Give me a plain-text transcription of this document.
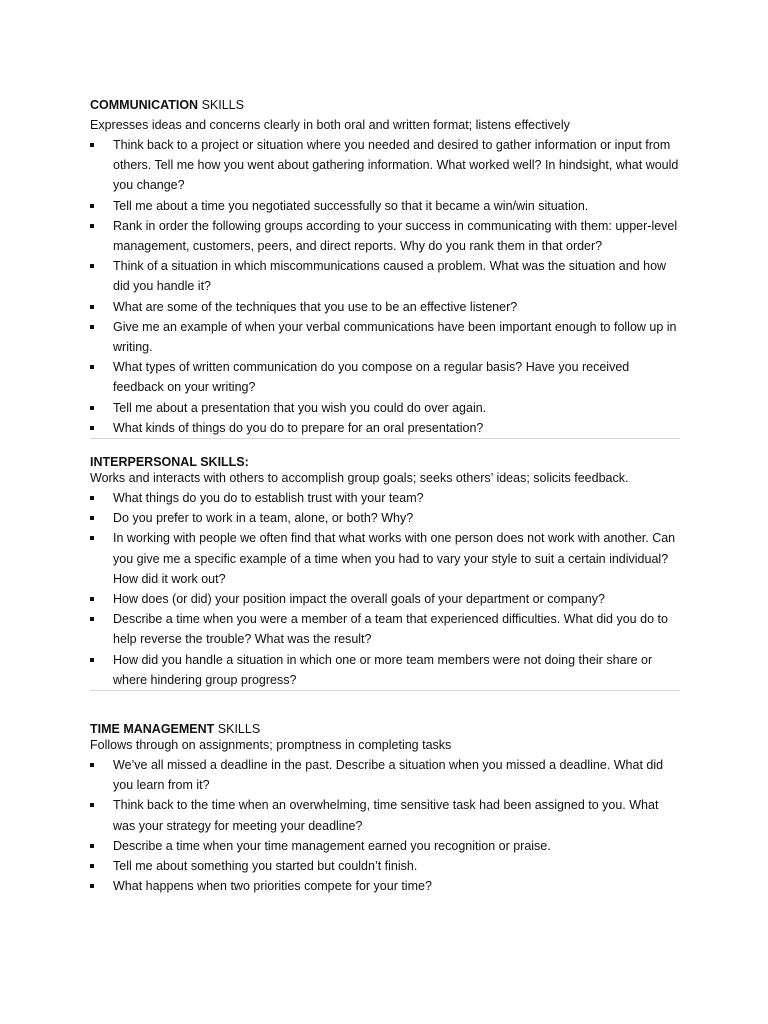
COMMUNICATION SKILLS

Expresses ideas and concerns clearly in both oral and written format; listens effectively

Think back to a project or situation where you needed and desired to gather information or input from others. Tell me how you went about gathering information. What worked well? In hindsight, what would you change?
Tell me about a time you negotiated successfully so that it became a win/win situation.
Rank in order the following groups according to your success in communicating with them: upper-level management, customers, peers, and direct reports. Why do you rank them in that order?
Think of a situation in which miscommunications caused a problem. What was the situation and how did you handle it?
What are some of the techniques that you use to be an effective listener?
Give me an example of when your verbal communications have been important enough to follow up in writing.
What types of written communication do you compose on a regular basis? Have you received feedback on your writing?
Tell me about a presentation that you wish you could do over again.
What kinds of things do you do to prepare for an oral presentation?

INTERPERSONAL SKILLS:

Works and interacts with others to accomplish group goals; seeks others’ ideas; solicits feedback.

What things do you do to establish trust with your team?
Do you prefer to work in a team, alone, or both? Why?
In working with people we often find that what works with one person does not work with another. Can you give me a specific example of a time when you had to vary your style to suit a certain individual? How did it work out?
How does (or did) your position impact the overall goals of your department or company?
Describe a time when you were a member of a team that experienced difficulties. What did you do to help reverse the trouble? What was the result?
How did you handle a situation in which one or more team members were not doing their share or where hindering group progress?

TIME MANAGEMENT SKILLS

Follows through on assignments; promptness in completing tasks

We’ve all missed a deadline in the past. Describe a situation when you missed a deadline. What did you learn from it?
Think back to the time when an overwhelming, time sensitive task had been assigned to you. What was your strategy for meeting your deadline?
Describe a time when your time management earned you recognition or praise.
Tell me about something you started but couldn’t finish.
What happens when two priorities compete for your time?
